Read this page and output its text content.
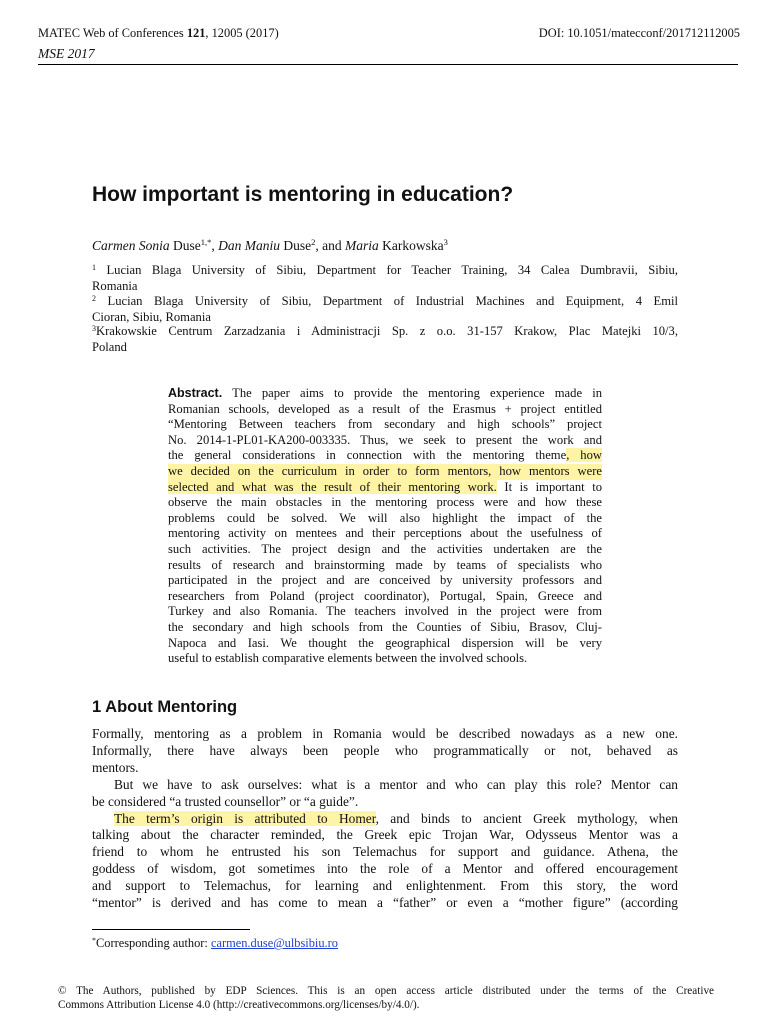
MATEC Web of Conferences 121, 12005 (2017)	DOI: 10.1051/matecconf/201712112005
MSE 2017
How important is mentoring in education?
Carmen Sonia Duse$^{1,*}$, Dan Maniu Duse$^2$, and Maria Karkowska$^3$
$^1$ Lucian Blaga University of Sibiu, Department for Teacher Training, 34 Calea Dumbravii, Sibiu,
Romania
$^2$ Lucian Blaga University of Sibiu, Department of Industrial Machines and Equipment, 4 Emil
Cioran, Sibiu, Romania
$^3$Krakowskie Centrum Zarzadzania i Administracji Sp. z o.o. 31-157 Krakow, Plac Matejki 10/3,
Poland
Abstract. The paper aims to provide the mentoring experience made in
Romanian schools, developed as a result of the Erasmus + project entitled
“Mentoring Between teachers from secondary and high schools” project
No. 2014-1-PL01-KA200-003335. Thus, we seek to present the work and
the general considerations in connection with the mentoring theme, how
we decided on the curriculum in order to form mentors, how mentors were
selected and what was the result of their mentoring work. It is important to
observe the main obstacles in the mentoring process were and how these
problems could be solved. We will also highlight the impact of the
mentoring activity on mentees and their perceptions about the usefulness of
such activities. The project design and the activities undertaken are the
results of research and brainstorming made by teams of specialists who
participated in the project and are conceived by university professors and
researchers from Poland (project coordinator), Portugal, Spain, Greece and
Turkey and also Romania. The teachers involved in the project were from
the secondary and high schools from the Counties of Sibiu, Brasov, Cluj-
Napoca and Iasi. We thought the geographical dispersion will be very
useful to establish comparative elements between the involved schools.
1 About Mentoring
Formally, mentoring as a problem in Romania would be described nowadays as a new one.
Informally, there have always been people who programmatically or not, behaved as
mentors.
But we have to ask ourselves: what is a mentor and who can play this role? Mentor can
be considered “a trusted counsellor” or “a guide”.
The term’s origin is attributed to Homer, and binds to ancient Greek mythology, when
talking about the character reminded, the Greek epic Trojan War, Odysseus Mentor was a
friend to whom he entrusted his son Telemachus for support and guidance. Athena, the
goddess of wisdom, got sometimes into the role of a Mentor and offered encouragement
and support to Telemachus, for learning and enlightenment. From this story, the word
“mentor” is derived and has come to mean a “father” or even a “mother figure” (according
*Corresponding author: carmen.duse@ulbsibiu.ro
© The Authors, published by EDP Sciences. This is an open access article distributed under the terms of the Creative
Commons Attribution License 4.0 (http://creativecommons.org/licenses/by/4.0/).
